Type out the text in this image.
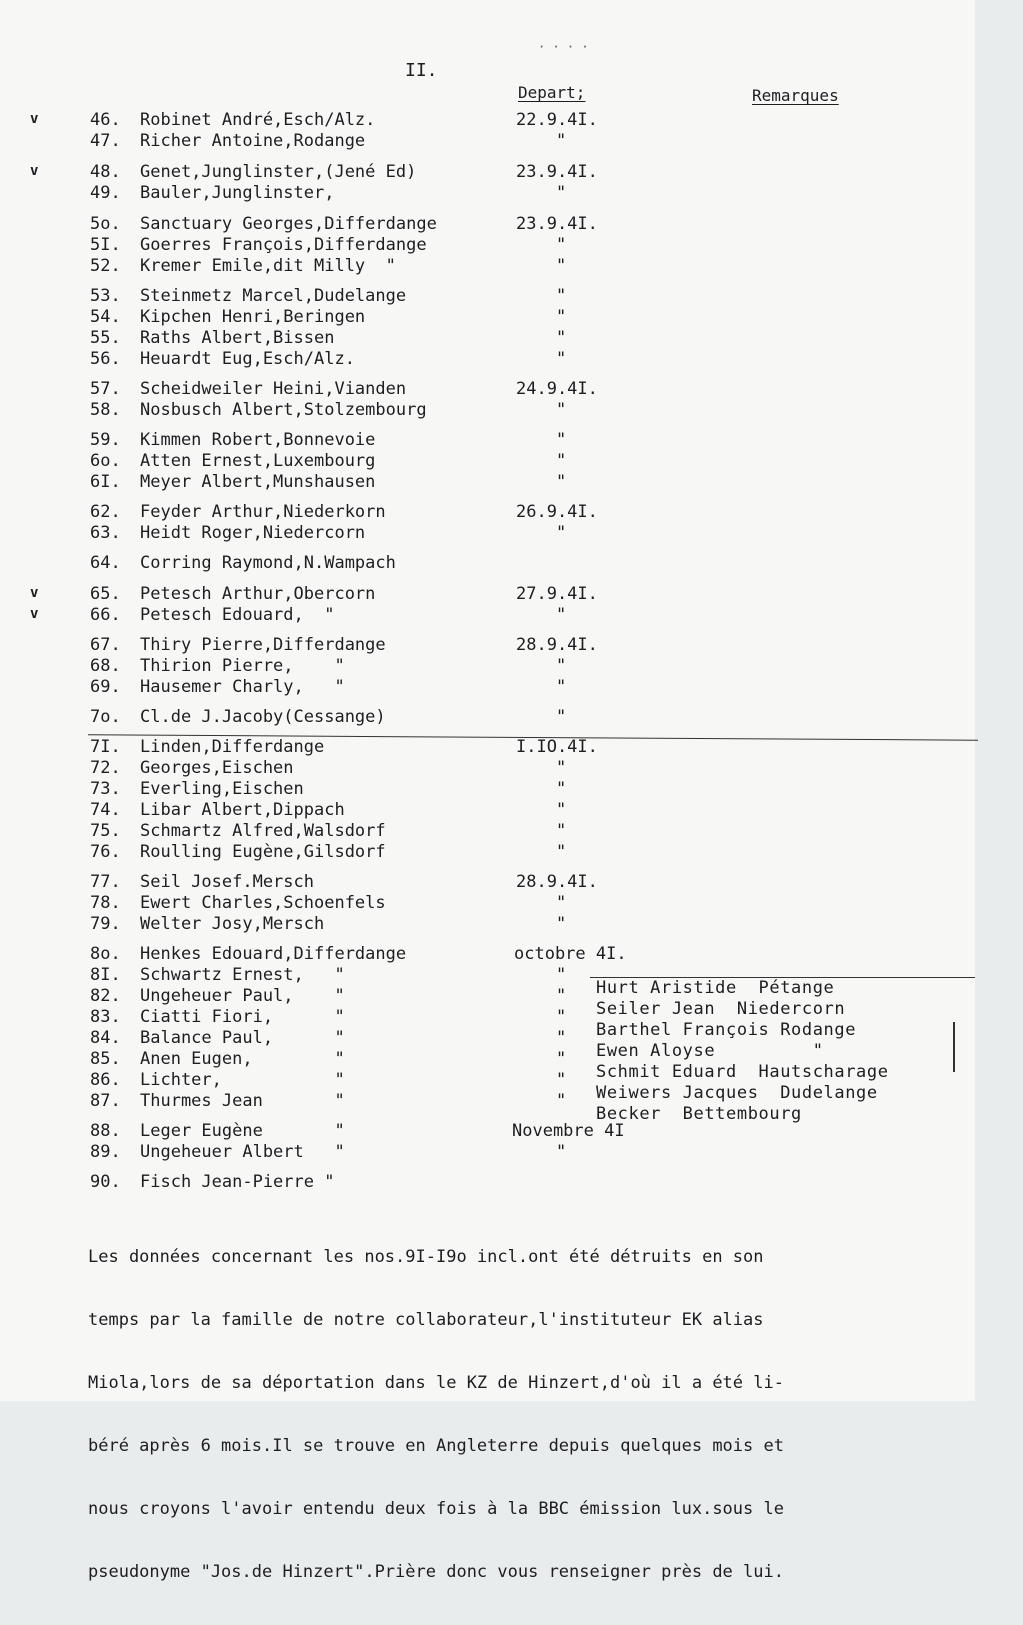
· · · ·
II.
Depart;	Remarques
46. Robinet André,Esch/Alz.	22.9.4I.
v
47. Richer Antoine,Rodange	"
48. Genet,Junglinster,(Jené Ed)	23.9.4I.
v
49. Bauler,Junglinster,	"
5o. Sanctuary Georges,Differdange	23.9.4I.
5I. Goerres François,Differdange	"
52. Kremer Emile,dit Milly  "	"
53. Steinmetz Marcel,Dudelange	"
54. Kipchen Henri,Beringen	"
55. Raths Albert,Bissen	"
56. Heuardt Eug,Esch/Alz.	"
57. Scheidweiler Heini,Vianden	24.9.4I.
58. Nosbusch Albert,Stolzembourg	"
59. Kimmen Robert,Bonnevoie	"
6o. Atten Ernest,Luxembourg	"
6I. Meyer Albert,Munshausen	"
62. Feyder Arthur,Niederkorn	26.9.4I.
63. Heidt Roger,Niedercorn	"
64. Corring Raymond,N.Wampach
65. Petesch Arthur,Obercorn	27.9.4I.
v
66. Petesch Edouard,  "	"
v
67. Thiry Pierre,Differdange	28.9.4I.
68. Thirion Pierre,    "	"
69. Hausemer Charly,   "	"
7o. Cl.de J.Jacoby(Cessange)	"
7I. Linden,Differdange	I.IO.4I.
72. Georges,Eischen	"
73. Everling,Eischen	"
74. Libar Albert,Dippach	"
75. Schmartz Alfred,Walsdorf	"
76. Roulling Eugène,Gilsdorf	"
77. Seil Josef.Mersch	28.9.4I.
78. Ewert Charles,Schoenfels	"
79. Welter Josy,Mersch	"
8o. Henkes Edouard,Differdange	octobre 4I.
8I. Schwartz Ernest,   "	"
82. Ungeheuer Paul,    "	"
83. Ciatti Fiori,      "	"
84. Balance Paul,      "	"
85. Anen Eugen,        "	"
86. Lichter,           "	"
87. Thurmes Jean       "	"
88. Leger Eugène       "	Novembre 4I
89. Ungeheuer Albert   "	"
90. Fisch Jean-Pierre "
Hurt Aristide  Pétange
Seiler Jean  Niedercorn
Barthel François Rodange
Ewen Aloyse         "
Schmit Eduard  Hautscharage
Weiwers Jacques  Dudelange
Becker  Bettembourg

Les données concernant les nos.9I-I9o incl.ont été détruits en son

temps par la famille de notre collaborateur,l'instituteur EK alias

Miola,lors de sa déportation dans le KZ de Hinzert,d'où il a été li-

béré après 6 mois.Il se trouve en Angleterre depuis quelques mois et

nous croyons l'avoir entendu deux fois à la BBC émission lux.sous le

pseudonyme "Jos.de Hinzert".Prière donc vous renseigner près de lui.
